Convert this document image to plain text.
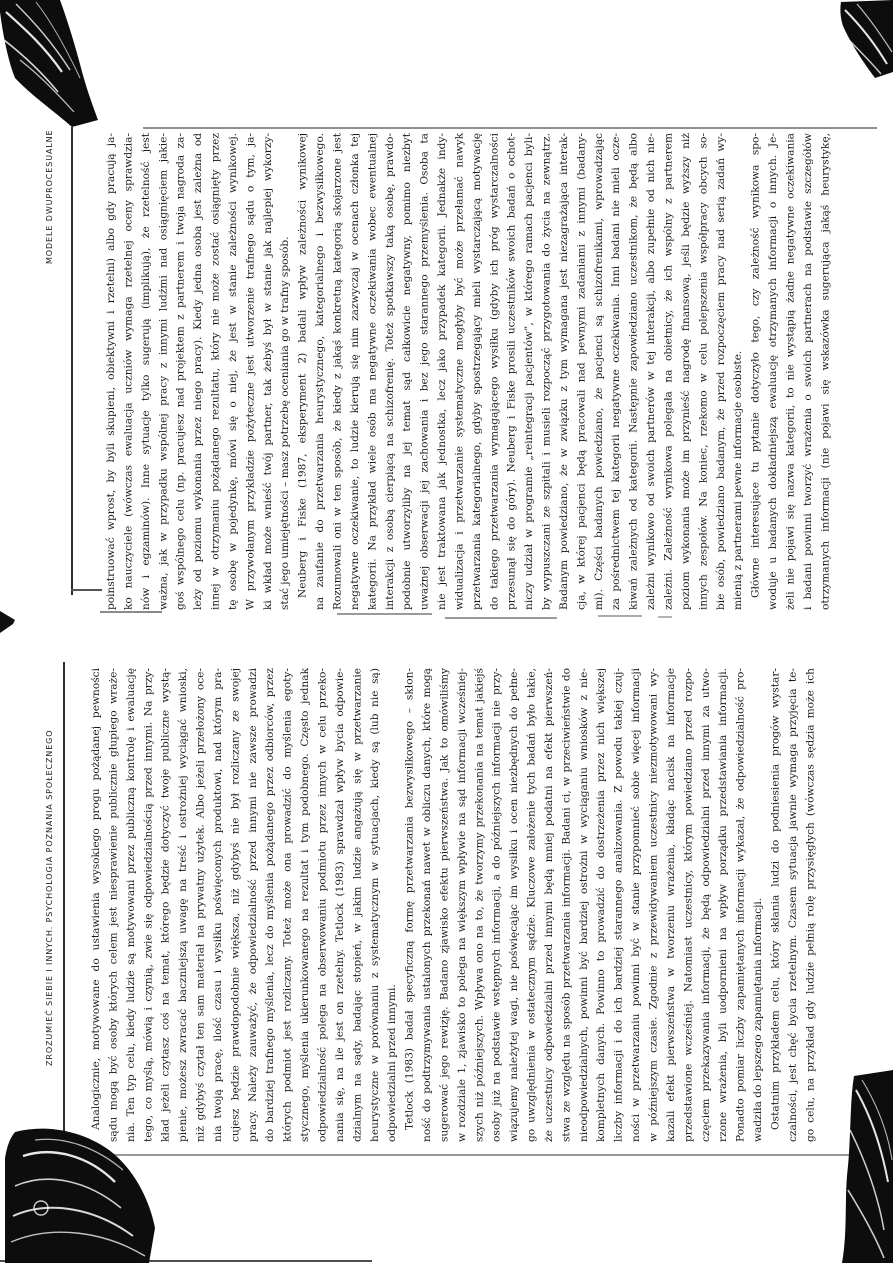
MODELE DWUPROCESUALNE	poinstruować wprost, by byli skupieni, obiektywni i rzetelni) albo gdy pracują ja- ko nauczyciele (wówczas ewaluacja uczniów wymaga rzetelnej oceny sprawdzia- nów i egzaminów). Inne sytuacje tylko sugerują (implikują), że rzetelność jest ważna, jak w przypadku wspólnej pracy z innymi ludźmi nad osiągnięciem jakie- goś wspólnego celu (np. pracujesz nad projektem z partnerem i twoja nagroda za- leży od poziomu wykonania przez niego pracy). Kiedy jedna osoba jest zależna od innej w otrzymaniu pożądanego rezultatu, który nie może zostać osiągnięty przez tę osobę w pojedynkę, mówi się o niej, że jest w stanie zależności wynikowej. W przywołanym przykładzie pożyteczne jest utworzenie trafnego sądu o tym, ja- ki wkład może wnieść twój partner, tak żebyś był w stanie jak najlepiej wykorzy- stać jego umiejętności – masz potrzebę oceniania go w trafny sposób. Neuberg i Fiske (1987, eksperyment 2) badali wpływ zależności wynikowej na zaufanie do przetwarzania heurystycznego, kategorialnego i bezwysiłkowego. Rozumowali oni w ten sposób, że kiedy z jakąś konkretną kategorią skojarzone jest negatywne oczekiwanie, to ludzie kierują się nim zazwyczaj w ocenach członka tej kategorii. Na przykład wiele osób ma negatywne oczekiwania wobec ewentualnej interakcji z osobą cierpiącą na schizofrenię. Toteż spotkawszy taką osobę, prawdo- podobnie utworzyliby na jej temat sąd całkowicie negatywny, pomimo niezbyt uważnej obserwacji jej zachowania i bez jego starannego przemyślenia. Osoba ta nie jest traktowana jak jednostka, lecz jako przypadek kategorii. Jednakże indy- widualizacja i przetwarzanie systematyczne mogłyby być może przełamać nawyk przetwarzania kategorialnego, gdyby spostrzegający mieli wystarczającą motywację do takiego przetwarzania wymagającego wysiłku (gdyby ich próg wystarczalności przesunął się do góry). Neuberg i Fiske prosili uczestników swoich badań o ochot- niczy udział w programie „reintegracji pacjentów”, w którego ramach pacjenci byli- by wypuszczani ze szpitali i musieli rozpocząć przygotowania do życia na zewnątrz. Badanym powiedziano, że w związku z tym wymagana jest niezagrażająca interak- cja, w której pacjenci będą pracowali nad pewnymi zadaniami z innymi (badany- mi). Części badanych powiedziano, że pacjenci są schizofrenikami, wprowadzając za pośrednictwem tej kategorii negatywne oczekiwania. Inni badani nie mieli ocze- kiwań zależnych od kategorii. Następnie zapowiedziano uczestnikom, że będą albo zależni wynikowo od swoich partnerów w tej interakcji, albo zupełnie od nich nie- zależni. Zależność wynikowa polegała na obietnicy, że ich wspólny z partnerem poziom wykonania może im przynieść nagrodę finansową, jeśli będzie wyższy niż innych zespołów. Na koniec, rzekomo w celu polepszenia współpracy obcych so- bie osób, powiedziano badanym, że przed rozpoczęciem pracy nad serią zadań wy- mienią z partnerami pewne informacje osobiste. Główne interesujące tu pytanie dotyczyło tego, czy zależność wynikowa spo- woduje u badanych dokładniejszą ewaluację otrzymanych informacji o innych. Je- żeli nie pojawi się nazwa kategorii, to nie wystąpią żadne negatywne oczekiwania i badani powinni tworzyć wrażenia o swoich partnerach na podstawie szczegółów otrzymanych informacji (nie pojawi się wskazówka sugerująca jakąś heurystykę,
ZROZUMIEĆ SIEBIE I INNYCH. PSYCHOLOGIA POZNANIA SPOŁECZNEGO	Analogicznie, motywowane do ustawienia wysokiego progu pożądanej pewności sądu mogą być osoby których celem jest niesprawienie publicznie głupiego wraże- nia. Ten typ celu, kiedy ludzie są motywowani przez publiczną kontrolę i ewaluację tego, co myślą, mówią i czynią, zwie się odpowiedzialnością przed innymi. Na przy- kład jeżeli czytasz coś na temat, którego będzie dotyczyć twoje publiczne wystą- pienie, możesz zwracać baczniejszą uwagę na treść i ostrożniej wyciągać wnioski, niż gdybyś czytał ten sam materiał na prywatny użytek. Albo jeżeli przełożony oce- nia twoją pracę, ilość czasu i wysiłku poświęconych produktowi, nad którym pra- cujesz będzie prawdopodobnie większa, niż gdybyś nie był rozliczany ze swojej pracy. Należy zauważyć, że odpowiedzialność przed innymi nie zawsze prowadzi do bardziej trafnego myślenia, lecz do myślenia pożądanego przez odbiorców, przez których podmiot jest rozliczany. Toteż może ona prowadzić do myślenia egoty- stycznego, myślenia ukierunkowanego na rezultat i tym podobnego. Często jednak odpowiedzialność polega na obserwowaniu podmiotu przez innych w celu przeko- nania się, na ile jest on rzetelny. Tetlock (1983) sprawdzał wpływ bycia odpowie- dzialnym na sądy, badając stopień, w jakim ludzie angażują się w przetwarzanie heurystyczne w porównaniu z systematycznym w sytuacjach, kiedy są (lub nie są) odpowiedzialni przed innymi. Tetlock (1983) badał specyficzną formę przetwarzania bezwysiłkowego – skłon- ność do podtrzymywania ustalonych przekonań nawet w obliczu danych, które mogą sugerować jego rewizję. Badano zjawisko efektu pierwszeństwa. Jak to omówiliśmy w rozdziale 1, zjawisko to polega na większym wpływie na sąd informacji wcześniej- szych niż późniejszych. Wpływa ono na to, że tworzymy przekonania na temat jakiejś osoby już na podstawie wstępnych informacji, a do późniejszych informacji nie przy- wiązujemy należytej wagi, nie poświęcając im wysiłku i ocen niezbędnych do pełne- go uwzględnienia w ostatecznym sądzie. Kluczowe założenie tych badań było takie, że uczestnicy odpowiedzialni przed innymi będą mniej podatni na efekt pierwszeń- stwa ze względu na sposób przetwarzania informacji. Badani ci, w przeciwieństwie do nieodpowiedzialnych, powinni być bardziej ostrożni w wyciąganiu wniosków z nie- kompletnych danych. Powinno to prowadzić do dostrzeżenia przez nich większej liczby informacji i do ich bardziej starannego analizowania. Z powodu takiej czuj- ności w przetwarzaniu powinni być w stanie przypomnieć sobie więcej informacji w późniejszym czasie. Zgodnie z przewidywaniem uczestnicy niezmotywowani wy- kazali efekt pierwszeństwa w tworzeniu wrażenia, kładąc nacisk na informacje przedstawione wcześniej. Natomiast uczestnicy, którym powiedziano przed rozpo- częciem przekazywania informacji, że będą odpowiedzialni przed innymi za utwo- rzone wrażenia, byli uodpornieni na wpływ porządku przedstawiania informacji. Ponadto pomiar liczby zapamiętanych informacji wykazał, że odpowiedzialność pro- wadziła do lepszego zapamiętania informacji. Ostatnim przykładem celu, który skłania ludzi do podniesienia progów wystar- czalności, jest chęć bycia rzetelnym. Czasem sytuacja jawnie wymaga przyjęcia te- go celu, na przykład gdy ludzie pełnią rolę przysięgłych (wówczas sędzia może ich
